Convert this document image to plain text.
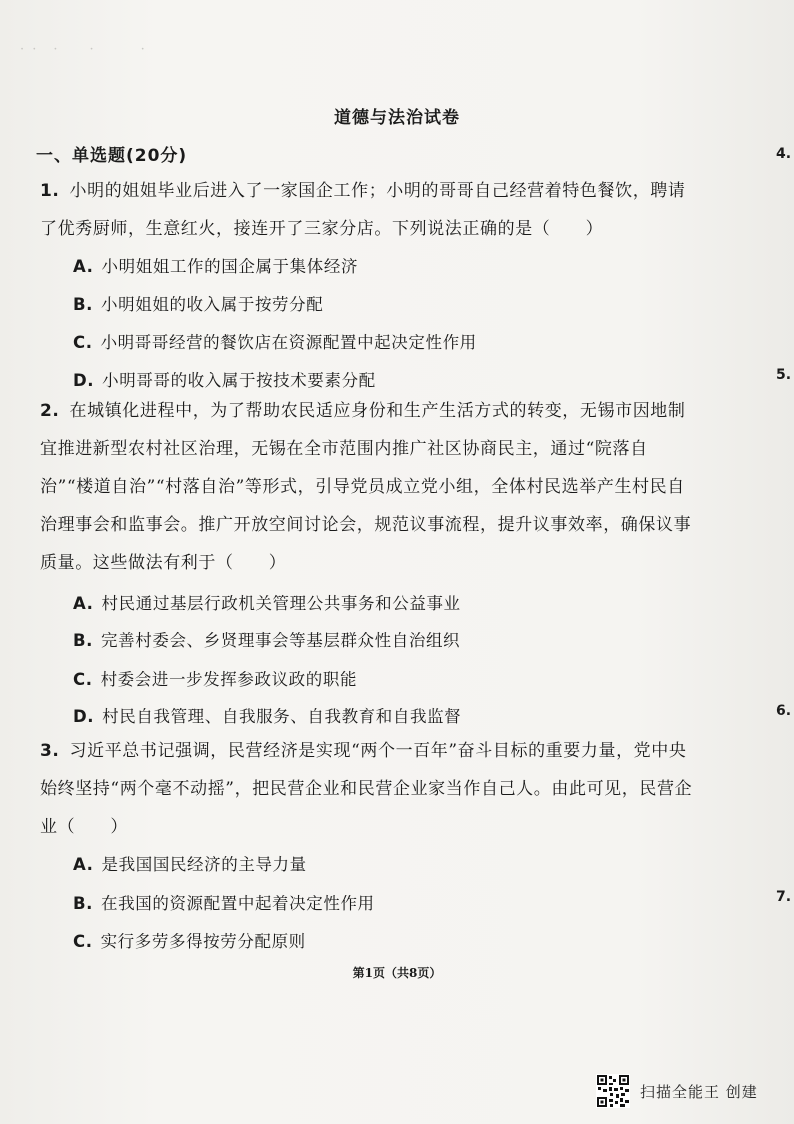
· ·　·　　·　　　·
道德与法治试卷
一、单选题(20分)
1. 小明的姐姐毕业后进入了一家国企工作；小明的哥哥自己经营着特色餐饮，聘请了优秀厨师，生意红火，接连开了三家分店。下列说法正确的是（　　）
A. 小明姐姐工作的国企属于集体经济
B. 小明姐姐的收入属于按劳分配
C. 小明哥哥经营的餐饮店在资源配置中起决定性作用
D. 小明哥哥的收入属于按技术要素分配
2. 在城镇化进程中，为了帮助农民适应身份和生产生活方式的转变，无锡市因地制宜推进新型农村社区治理，无锡在全市范围内推广社区协商民主，通过“院落自治”“楼道自治”“村落自治”等形式，引导党员成立党小组，全体村民选举产生村民自治理事会和监事会。推广开放空间讨论会，规范议事流程，提升议事效率，确保议事质量。这些做法有利于（　　）
A. 村民通过基层行政机关管理公共事务和公益事业
B. 完善村委会、乡贤理事会等基层群众性自治组织
C. 村委会进一步发挥参政议政的职能
D. 村民自我管理、自我服务、自我教育和自我监督
3. 习近平总书记强调，民营经济是实现“两个一百年”奋斗目标的重要力量，党中央始终坚持“两个毫不动摇”，把民营企业和民营企业家当作自己人。由此可见，民营企业（　　）
A. 是我国国民经济的主导力量
B. 在我国的资源配置中起着决定性作用
C. 实行多劳多得按劳分配原则
4.
5.
6.
7.
第1页（共8页）
扫描全能王 创建
